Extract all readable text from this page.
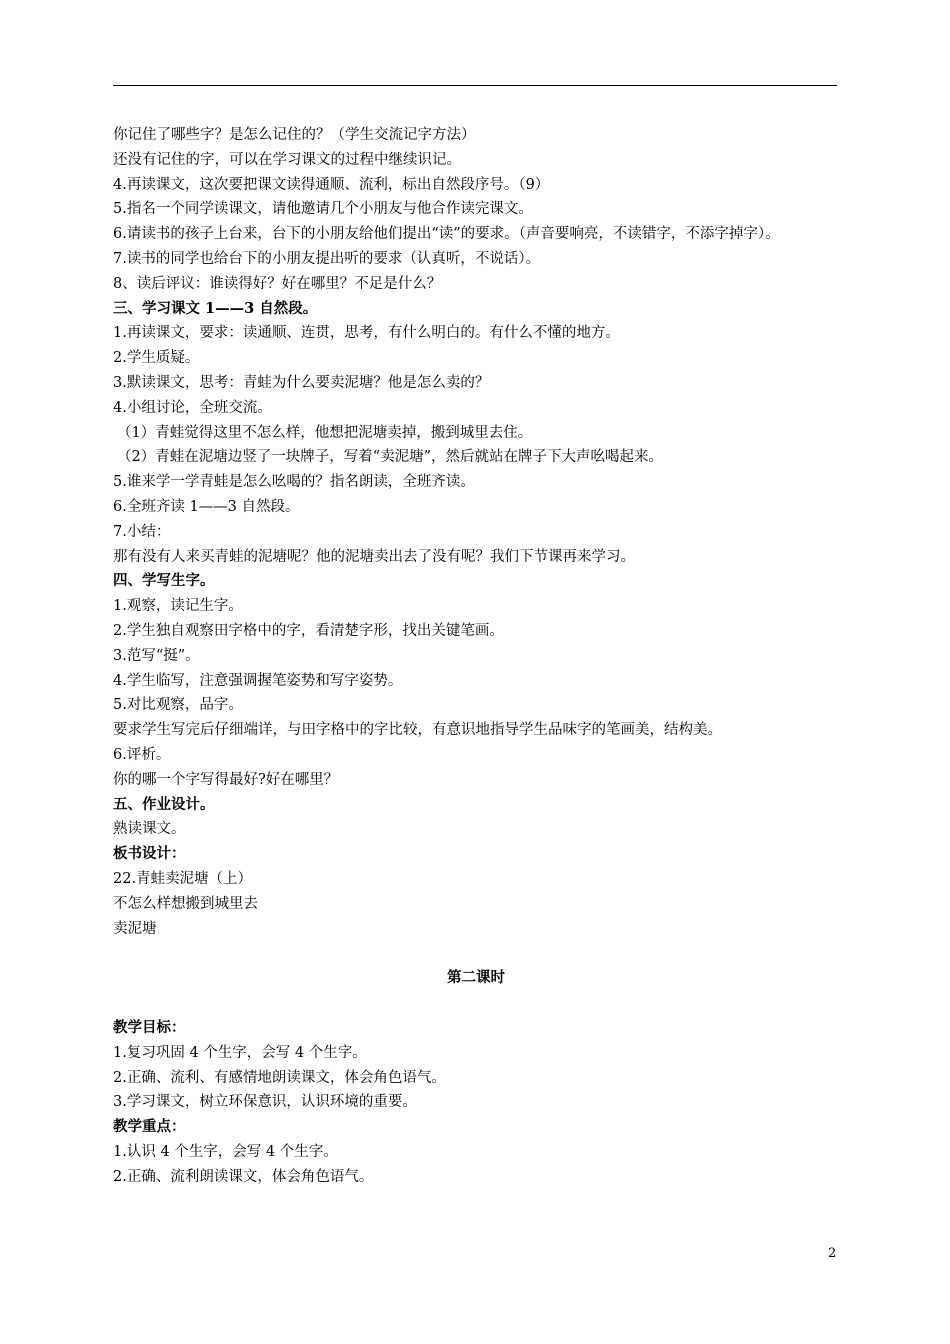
你记住了哪些字？是怎么记住的？（学生交流记字方法）
还没有记住的字，可以在学习课文的过程中继续识记。
4.再读课文，这次要把课文读得通顺、流利，标出自然段序号。（9）
5.指名一个同学读课文，请他邀请几个小朋友与他合作读完课文。
6.请读书的孩子上台来，台下的小朋友给他们提出“读”的要求。（声音要响亮，不读错字，不添字掉字）。
7.读书的同学也给台下的小朋友提出听的要求（认真听，不说话）。
8、读后评议：谁读得好？好在哪里？不足是什么？
三、学习课文 1——3 自然段。
1.再读课文，要求：读通顺、连贯，思考，有什么明白的。有什么不懂的地方。
2.学生质疑。
3.默读课文，思考：青蛙为什么要卖泥塘？他是怎么卖的？
4.小组讨论，全班交流。
（1）青蛙觉得这里不怎么样，他想把泥塘卖掉，搬到城里去住。
（2）青蛙在泥塘边竖了一块牌子，写着“卖泥塘”，然后就站在牌子下大声吆喝起来。
5.谁来学一学青蛙是怎么吆喝的？指名朗读，全班齐读。
6.全班齐读 1——3 自然段。
7.小结：
那有没有人来买青蛙的泥塘呢？他的泥塘卖出去了没有呢？我们下节课再来学习。
四、学写生字。
1.观察，读记生字。
2.学生独自观察田字格中的字，看清楚字形，找出关键笔画。
3.范写“挺”。
4.学生临写，注意强调握笔姿势和写字姿势。
5.对比观察，品字。
要求学生写完后仔细端详，与田字格中的字比较，有意识地指导学生品味字的笔画美，结构美。
6.评析。
你的哪一个字写得最好?好在哪里？
五、作业设计。
熟读课文。
板书设计：
22.青蛙卖泥塘（上）
不怎么样想搬到城里去
卖泥塘
第二课时
教学目标：
1.复习巩固 4 个生字，会写 4 个生字。
2.正确、流利、有感情地朗读课文，体会角色语气。
3.学习课文，树立环保意识，认识环境的重要。
教学重点：
1.认识 4 个生字，会写 4 个生字。
2.正确、流利朗读课文，体会角色语气。
2
